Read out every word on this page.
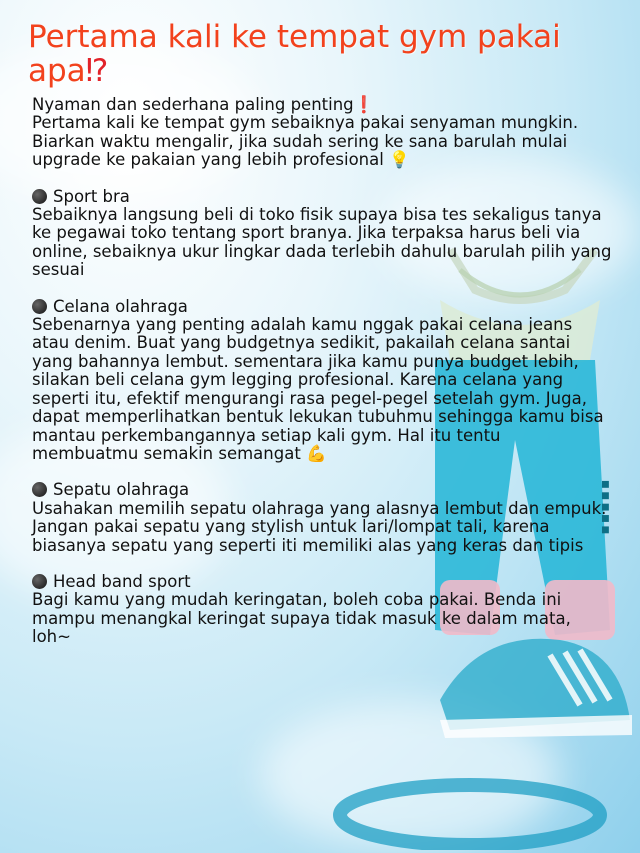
■ ■ ■ ■ ■
Pertama kali ke tempat gym pakai apa⁉
Nyaman dan sederhana paling penting❗
Pertama kali ke tempat gym sebaiknya pakai senyaman mungkin. Biarkan waktu mengalir, jika sudah sering ke sana barulah mulai upgrade ke pakaian yang lebih profesional 💡
Sport bra
Sebaiknya langsung beli di toko fisik supaya bisa tes sekaligus tanya ke pegawai toko tentang sport branya. Jika terpaksa harus beli via online, sebaiknya ukur lingkar dada terlebih dahulu barulah pilih yang sesuai
Celana olahraga
Sebenarnya yang penting adalah kamu nggak pakai celana jeans atau denim. Buat yang budgetnya sedikit, pakailah celana santai yang bahannya lembut. sementara jika kamu punya budget lebih, silakan beli celana gym legging profesional. Karena celana yang seperti itu, efektif mengurangi rasa pegel-pegel setelah gym. Juga, dapat memperlihatkan bentuk lekukan tubuhmu sehingga kamu bisa mantau perkembangannya setiap kali gym. Hal itu tentu membuatmu semakin semangat 💪
Sepatu olahraga
Usahakan memilih sepatu olahraga yang alasnya lembut dan empuk. Jangan pakai sepatu yang stylish untuk lari/lompat tali, karena biasanya sepatu yang seperti iti memiliki alas yang keras dan tipis
Head band sport
Bagi kamu yang mudah keringatan, boleh coba pakai. Benda ini mampu menangkal keringat supaya tidak masuk ke dalam mata, loh~
